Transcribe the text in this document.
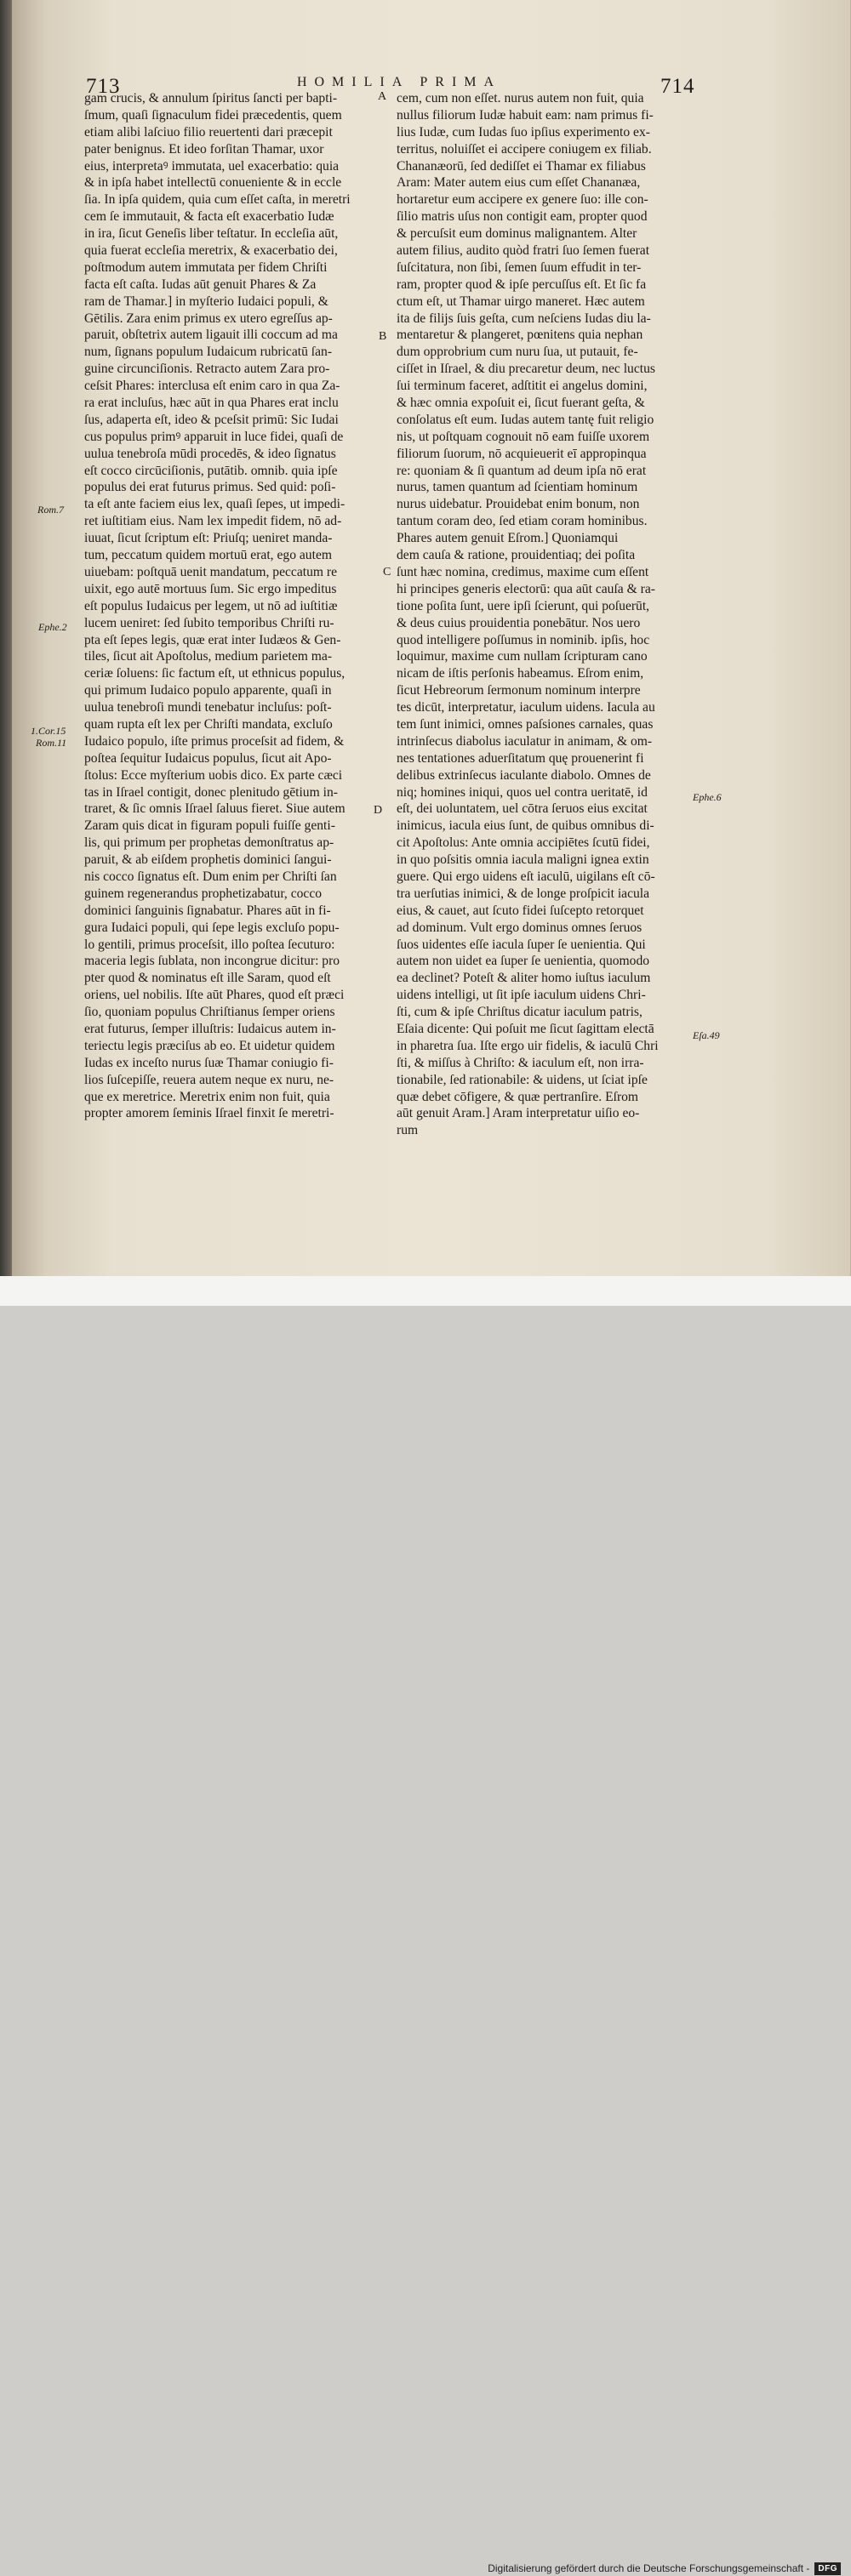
713	HOMILIA PRIMA	714
gam crucis, & annulum ſpiritus ſancti per bapti-
ſmum, quaſi ſignaculum fidei præcedentis, quem
etiam alibi laſciuo filio reuertenti dari præcepit
pater benignus. Et ideo forſitan Thamar, uxor
eius, interpretaꝰ immutata, uel exacerbatio: quia
& in ipſa habet intellectū conueniente & in eccle
ſia. In ipſa quidem, quia cum eſſet caſta, in meretri
cem ſe immutauit, & facta eſt exacerbatio Iudæ
in ira, ſicut Geneſis liber teſtatur. In eccleſia aūt,
quia fuerat eccleſia meretrix, & exacerbatio dei,
poſtmodum autem immutata per fidem Chriſti
facta eſt caſta. Iudas aūt genuit Phares & Za
ram de Thamar.] in myſterio Iudaici populi, &
Gētilis. Zara enim primus ex utero egreſſus ap-
paruit, obſtetrix autem ligauit illi coccum ad ma
num, ſignans populum Iudaicum rubricatū ſan-
guine circunciſionis. Retracto autem Zara pro-
ceſsit Phares: interclusa eſt enim caro in qua Za-
ra erat incluſus, hæc aūt in qua Phares erat inclu
ſus, adaperta eſt, ideo & pceſsit primū: Sic Iudai
cus populus primꝰ apparuit in luce fidei, quaſi de
uulua tenebroſa mūdi procedēs, & ideo ſignatus
eſt cocco circūciſionis, putātib. omnib. quia ipſe
populus dei erat futurus primus. Sed quid: poſi-
ta eſt ante faciem eius lex, quaſi ſepes, ut impedi-
ret iuſtitiam eius. Nam lex impedit fidem, nō ad-
iuuat, ſicut ſcriptum eſt: Priuſq; ueniret manda-
tum, peccatum quidem mortuū erat, ego autem
uiuebam: poſtquā uenit mandatum, peccatum re
uixit, ego autē mortuus ſum. Sic ergo impeditus
eſt populus Iudaicus per legem, ut nō ad iuſtitiæ
lucem ueniret: ſed ſubito temporibus Chriſti ru-
pta eſt ſepes legis, quæ erat inter Iudæos & Gen-
tiles, ſicut ait Apoſtolus, medium parietem ma-
ceriæ ſoluens: ſic factum eſt, ut ethnicus populus,
qui primum Iudaico populo apparente, quaſi in
uulua tenebroſi mundi tenebatur incluſus: poſt-
quam rupta eſt lex per Chriſti mandata, excluſo
Iudaico populo, iſte primus proceſsit ad fidem, &
poſtea ſequitur Iudaicus populus, ſicut ait Apo-
ſtolus: Ecce myſterium uobis dico. Ex parte cæci
tas in Iſrael contigit, donec plenitudo gētium in-
traret, & ſic omnis Iſrael ſaluus fieret. Siue autem
Zaram quis dicat in figuram populi fuiſſe genti-
lis, qui primum per prophetas demonſtratus ap-
paruit, & ab eiſdem prophetis dominici ſangui-
nis cocco ſignatus eſt. Dum enim per Chriſti ſan
guinem regenerandus prophetizabatur, cocco
dominici ſanguinis ſignabatur. Phares aūt in fi-
gura Iudaici populi, qui ſepe legis excluſo popu-
lo gentili, primus proceſsit, illo poſtea ſecuturo:
maceria legis ſublata, non incongrue dicitur: pro
pter quod & nominatus eſt ille Saram, quod eſt
oriens, uel nobilis. Iſte aūt Phares, quod eſt præci
ſio, quoniam populus Chriſtianus ſemper oriens
erat futurus, ſemper illuſtris: Iudaicus autem in-
teriectu legis præciſus ab eo. Et uidetur quidem
Iudas ex inceſto nurus ſuæ Thamar coniugio fi-
lios ſuſcepiſſe, reuera autem neque ex nuru, ne-
que ex meretrice. Meretrix enim non fuit, quia
propter amorem ſeminis Iſrael finxit ſe meretri-
cem, cum non eſſet. nurus autem non fuit, quia
nullus filiorum Iudæ habuit eam: nam primus fi-
lius Iudæ, cum Iudas ſuo ipſius experimento ex-
territus, noluiſſet ei accipere coniugem ex filiab.
Chananæorū, ſed dediſſet ei Thamar ex filiabus
Aram: Mater autem eius cum eſſet Chananæa,
hortaretur eum accipere ex genere ſuo: ille con-
ſilio matris uſus non contigit eam, propter quod
& percuſsit eum dominus malignantem. Alter
autem filius, audito quòd fratri ſuo ſemen fuerat
ſuſcitatura, non ſibi, ſemen ſuum effudit in ter-
ram, propter quod & ipſe percuſſus eſt. Et ſic fa
ctum eſt, ut Thamar uirgo maneret. Hæc autem
ita de filijs ſuis geſta, cum neſciens Iudas diu la-
mentaretur & plangeret, pœnitens quia nephan
dum opprobrium cum nuru ſua, ut putauit, fe-
ciſſet in Iſrael, & diu precaretur deum, nec luctus
ſui terminum faceret, adſtitit ei angelus domini,
& hæc omnia expoſuit ei, ſicut fuerant geſta, &
conſolatus eſt eum. Iudas autem tantę fuit religio
nis, ut poſtquam cognouit nō eam fuiſſe uxorem
filiorum ſuorum, nō acquieuerit eī appropinqua
re: quoniam & ſi quantum ad deum ipſa nō erat
nurus, tamen quantum ad ſcientiam hominum
nurus uidebatur. Prouidebat enim bonum, non
tantum coram deo, ſed etiam coram hominibus.
Phares autem genuit Eſrom.] Quoniamqui
dem cauſa & ratione, prouidentiaq; dei poſita
ſunt hæc nomina, credimus, maxime cum eſſent
hi principes generis electorū: qua aūt cauſa & ra-
tione poſita ſunt, uere ipſi ſcierunt, qui poſuerūt,
& deus cuius prouidentia ponebātur. Nos uero
quod intelligere poſſumus in nominib. ipſis, hoc
loquimur, maxime cum nullam ſcripturam cano
nicam de iſtis perſonis habeamus. Eſrom enim,
ſicut Hebreorum ſermonum nominum interpre
tes dicūt, interpretatur, iaculum uidens. Iacula au
tem ſunt inimici, omnes paſsiones carnales, quas
intrinſecus diabolus iaculatur in animam, & om-
nes tentationes aduerſitatum quę prouenerint fi
delibus extrinſecus iaculante diabolo. Omnes de
niq; homines iniqui, quos uel contra ueritatē, id
eſt, dei uoluntatem, uel cōtra ſeruos eius excitat
inimicus, iacula eius ſunt, de quibus omnibus di-
cit Apoſtolus: Ante omnia accipiētes ſcutū fidei,
in quo poſsitis omnia iacula maligni ignea extin
guere. Qui ergo uidens eſt iaculū, uigilans eſt cō-
tra uerſutias inimici, & de longe proſpicit iacula
eius, & cauet, aut ſcuto fidei ſuſcepto retorquet
ad dominum. Vult ergo dominus omnes ſeruos
ſuos uidentes eſſe iacula ſuper ſe uenientia. Qui
autem non uidet ea ſuper ſe uenientia, quomodo
ea declinet? Poteſt & aliter homo iuſtus iaculum
uidens intelligi, ut ſit ipſe iaculum uidens Chri-
ſti, cum & ipſe Chriſtus dicatur iaculum patris,
Eſaia dicente: Qui poſuit me ſicut ſagittam electā
in pharetra ſua. Iſte ergo uir fidelis, & iaculū Chri
ſti, & miſſus à Chriſto: & iaculum eſt, non irra-
tionabile, ſed rationabile: & uidens, ut ſciat ipſe
quæ debet cōfigere, & quæ pertranſire. Eſrom
aūt genuit Aram.] Aram interpretatur uiſio eo-
rum
Rom.7
Ephe.2
1.Cor.15
Rom.11
Ephe.6
Eſa.49
A
B
C
D
Digitalisierung gefördert durch die Deutsche Forschungsgemeinschaft -	DFG
